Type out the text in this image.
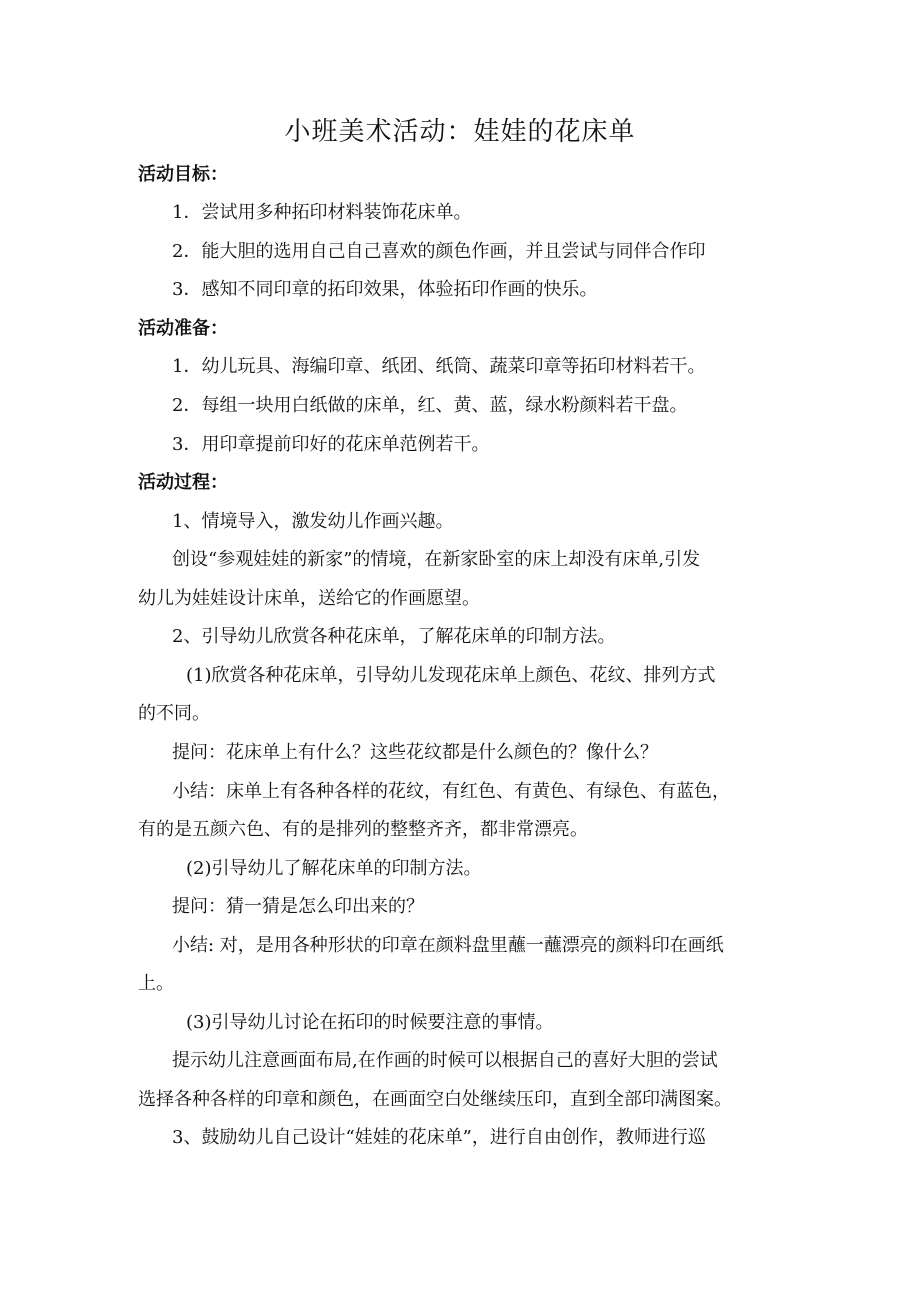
小班美术活动：娃娃的花床单
活动目标：
1．尝试用多种拓印材料装饰花床单。
2．能大胆的选用自己自己喜欢的颜色作画，并且尝试与同伴合作印
3．感知不同印章的拓印效果，体验拓印作画的快乐。
活动准备：
1．幼儿玩具、海编印章、纸团、纸筒、蔬菜印章等拓印材料若干。
2．每组一块用白纸做的床单，红、黄、蓝，绿水粉颜料若干盘。
3．用印章提前印好的花床单范例若干。
活动过程：
1、情境导入，激发幼儿作画兴趣。
创设“参观娃娃的新家”的情境，在新家卧室的床上却没有床单,引发
幼儿为娃娃设计床单，送给它的作画愿望。
2、引导幼儿欣赏各种花床单，了解花床单的印制方法。
(1)欣赏各种花床单，引导幼儿发现花床单上颜色、花纹、排列方式
的不同。
提问：花床单上有什么？这些花纹都是什么颜色的？像什么？
小结：床单上有各种各样的花纹，有红色、有黄色、有绿色、有蓝色，
有的是五颜六色、有的是排列的整整齐齐，都非常漂亮。
(2)引导幼儿了解花床单的印制方法。
提问：猜一猜是怎么印出来的？
小结: 对，是用各种形状的印章在颜料盘里蘸一蘸漂亮的颜料印在画纸
上。
(3)引导幼儿讨论在拓印的时候要注意的事情。
提示幼儿注意画面布局,在作画的时候可以根据自己的喜好大胆的尝试
选择各种各样的印章和颜色，在画面空白处继续压印，直到全部印满图案。
3、鼓励幼儿自己设计“娃娃的花床单”，进行自由创作，教师进行巡
